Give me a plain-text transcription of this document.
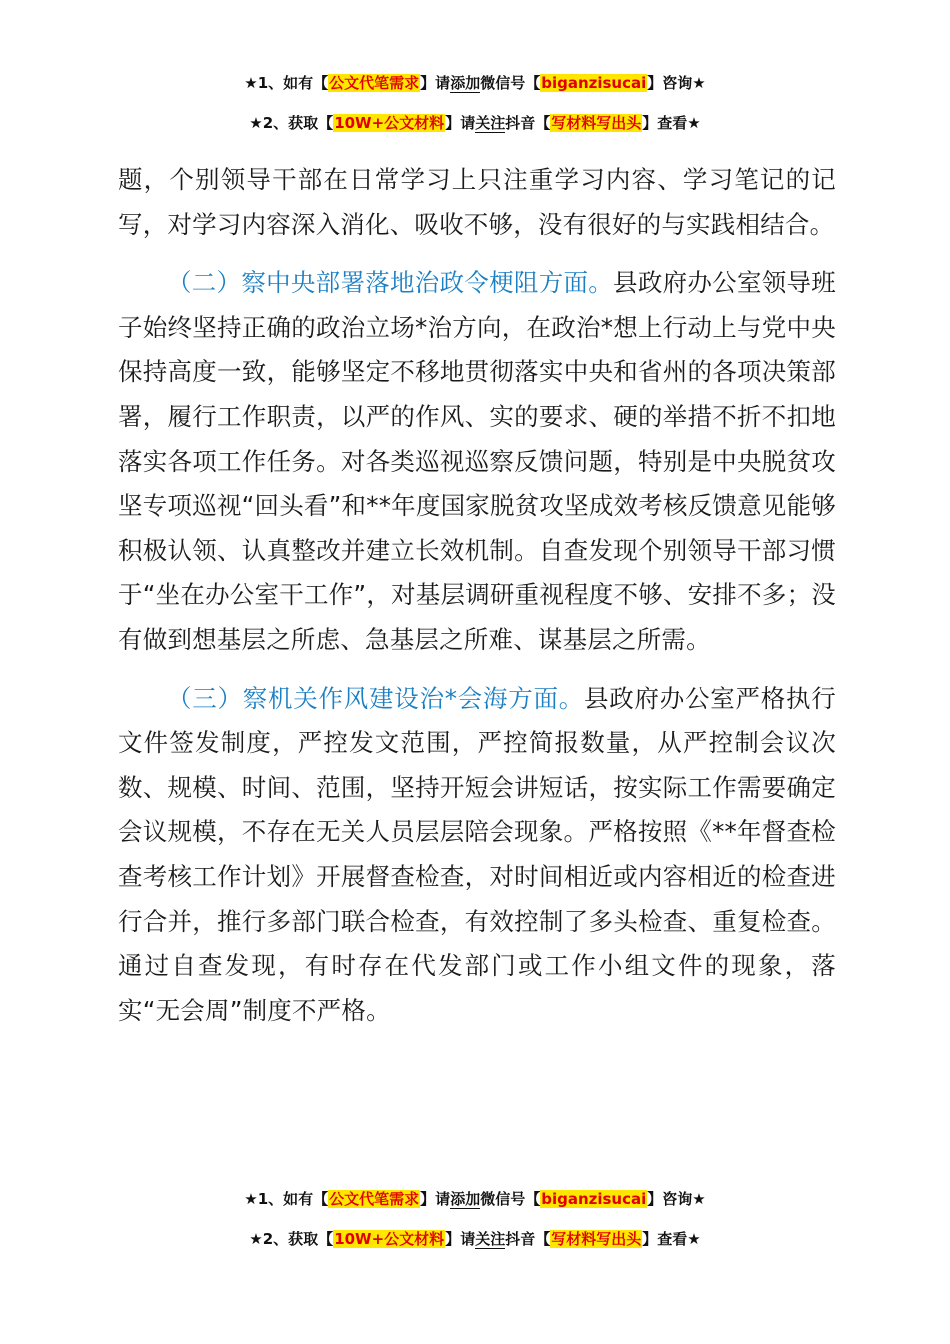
★1、如有【公文代笔需求】请添加微信号【biganzisucai】咨询★
★2、获取【10W+公文材料】请关注抖音【写材料写出头】查看★

题，个别领导干部在日常学习上只注重学习内容、学习笔记的记写，对学习内容深入消化、吸收不够，没有很好的与实践相结合。

（二）察中央部署落地治政令梗阻方面。县政府办公室领导班子始终坚持正确的政治立场*治方向，在政治*想上行动上与党中央保持高度一致，能够坚定不移地贯彻落实中央和省州的各项决策部署，履行工作职责，以严的作风、实的要求、硬的举措不折不扣地落实各项工作任务。对各类巡视巡察反馈问题，特别是中央脱贫攻坚专项巡视“回头看”和**年度国家脱贫攻坚成效考核反馈意见能够积极认领、认真整改并建立长效机制。自查发现个别领导干部习惯于“坐在办公室干工作”，对基层调研重视程度不够、安排不多；没有做到想基层之所虑、急基层之所难、谋基层之所需。

（三）察机关作风建设治*会海方面。县政府办公室严格执行文件签发制度，严控发文范围，严控简报数量，从严控制会议次数、规模、时间、范围，坚持开短会讲短话，按实际工作需要确定会议规模，不存在无关人员层层陪会现象。严格按照《**年督查检查考核工作计划》开展督查检查，对时间相近或内容相近的检查进行合并，推行多部门联合检查，有效控制了多头检查、重复检查。通过自查发现，有时存在代发部门或工作小组文件的现象，落实“无会周”制度不严格。

★1、如有【公文代笔需求】请添加微信号【biganzisucai】咨询★
★2、获取【10W+公文材料】请关注抖音【写材料写出头】查看★
